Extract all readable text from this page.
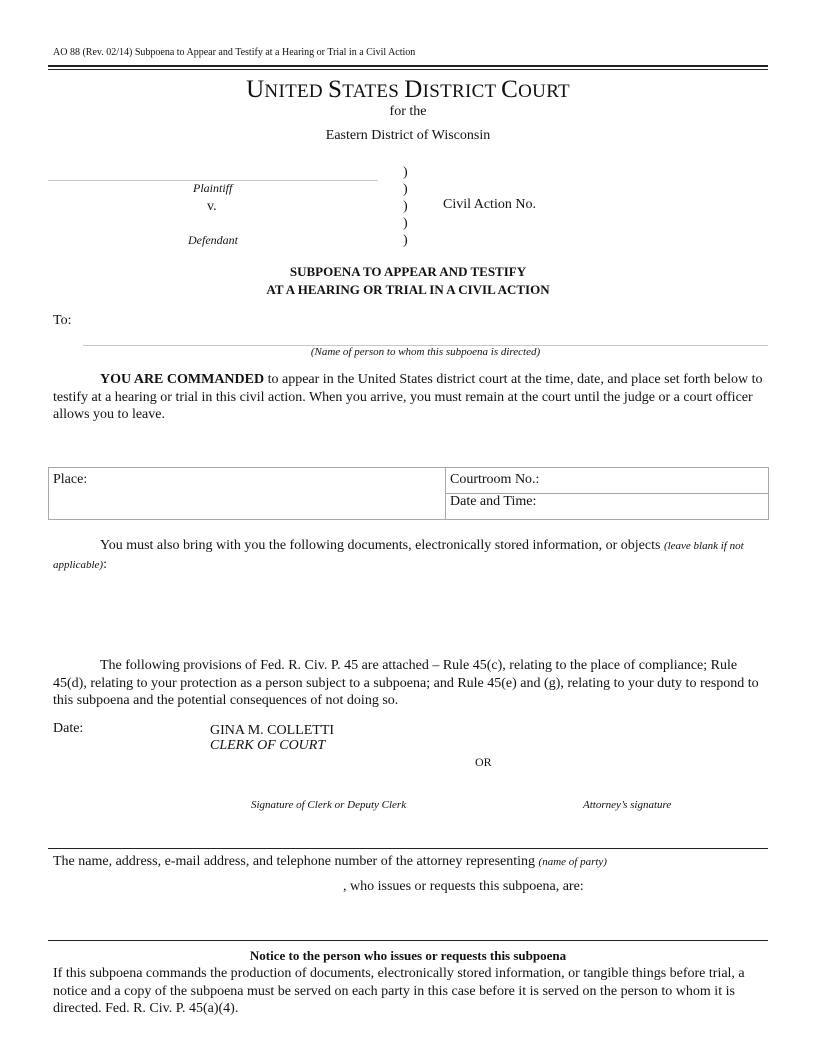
AO 88 (Rev. 02/14) Subpoena to Appear and Testify at a Hearing or Trial in a Civil Action
UNITED STATES DISTRICT COURT
for the
Eastern District of Wisconsin
Plaintiff
v.
Defendant
)
)
)
)
)
Civil Action No.
SUBPOENA TO APPEAR AND TESTIFY
AT A HEARING OR TRIAL IN A CIVIL ACTION
To:
(Name of person to whom this subpoena is directed)
YOU ARE COMMANDED to appear in the United States district court at the time, date, and place set forth below to testify at a hearing or trial in this civil action. When you arrive, you must remain at the court until the judge or a court officer allows you to leave.
Place:	Courtroom No.:
Date and Time:
You must also bring with you the following documents, electronically stored information, or objects (leave blank if not applicable):
The following provisions of Fed. R. Civ. P. 45 are attached – Rule 45(c), relating to the place of compliance; Rule 45(d), relating to your protection as a person subject to a subpoena; and Rule 45(e) and (g), relating to your duty to respond to this subpoena and the potential consequences of not doing so.
Date:	GINA M. COLLETTI
CLERK OF COURT
OR
Signature of Clerk or Deputy Clerk	Attorney’s signature
The name, address, e-mail address, and telephone number of the attorney representing (name of party)
, who issues or requests this subpoena, are:
Notice to the person who issues or requests this subpoena
If this subpoena commands the production of documents, electronically stored information, or tangible things before trial, a notice and a copy of the subpoena must be served on each party in this case before it is served on the person to whom it is directed. Fed. R. Civ. P. 45(a)(4).
